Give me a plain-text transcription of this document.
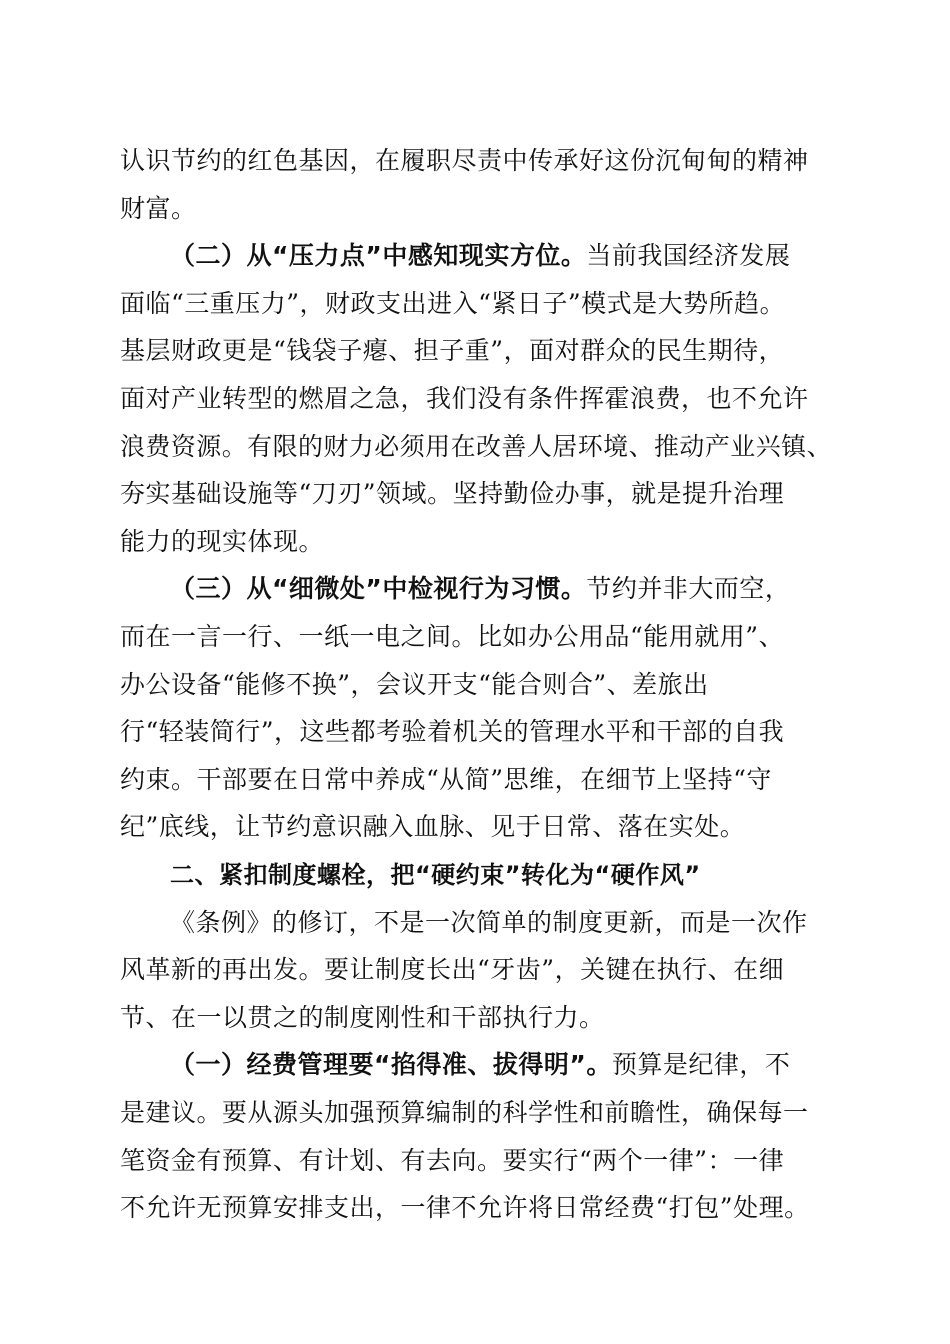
认识节约的红色基因，在履职尽责中传承好这份沉甸甸的精神
财富。
（二）从“压力点”中感知现实方位。当前我国经济发展
面临“三重压力”，财政支出进入“紧日子”模式是大势所趋。
基层财政更是“钱袋子瘪、担子重”，面对群众的民生期待，
面对产业转型的燃眉之急，我们没有条件挥霍浪费，也不允许
浪费资源。有限的财力必须用在改善人居环境、推动产业兴镇、
夯实基础设施等“刀刃”领域。坚持勤俭办事，就是提升治理
能力的现实体现。
（三）从“细微处”中检视行为习惯。节约并非大而空，
而在一言一行、一纸一电之间。比如办公用品“能用就用”、
办公设备“能修不换”，会议开支“能合则合”、差旅出
行“轻装简行”，这些都考验着机关的管理水平和干部的自我
约束。干部要在日常中养成“从简”思维，在细节上坚持“守
纪”底线，让节约意识融入血脉、见于日常、落在实处。
二、紧扣制度螺栓，把“硬约束”转化为“硬作风”
《条例》的修订，不是一次简单的制度更新，而是一次作
风革新的再出发。要让制度长出“牙齿”，关键在执行、在细
节、在一以贯之的制度刚性和干部执行力。
（一）经费管理要“掐得准、拔得明”。预算是纪律，不
是建议。要从源头加强预算编制的科学性和前瞻性，确保每一
笔资金有预算、有计划、有去向。要实行“两个一律”：一律
不允许无预算安排支出，一律不允许将日常经费“打包”处理。
